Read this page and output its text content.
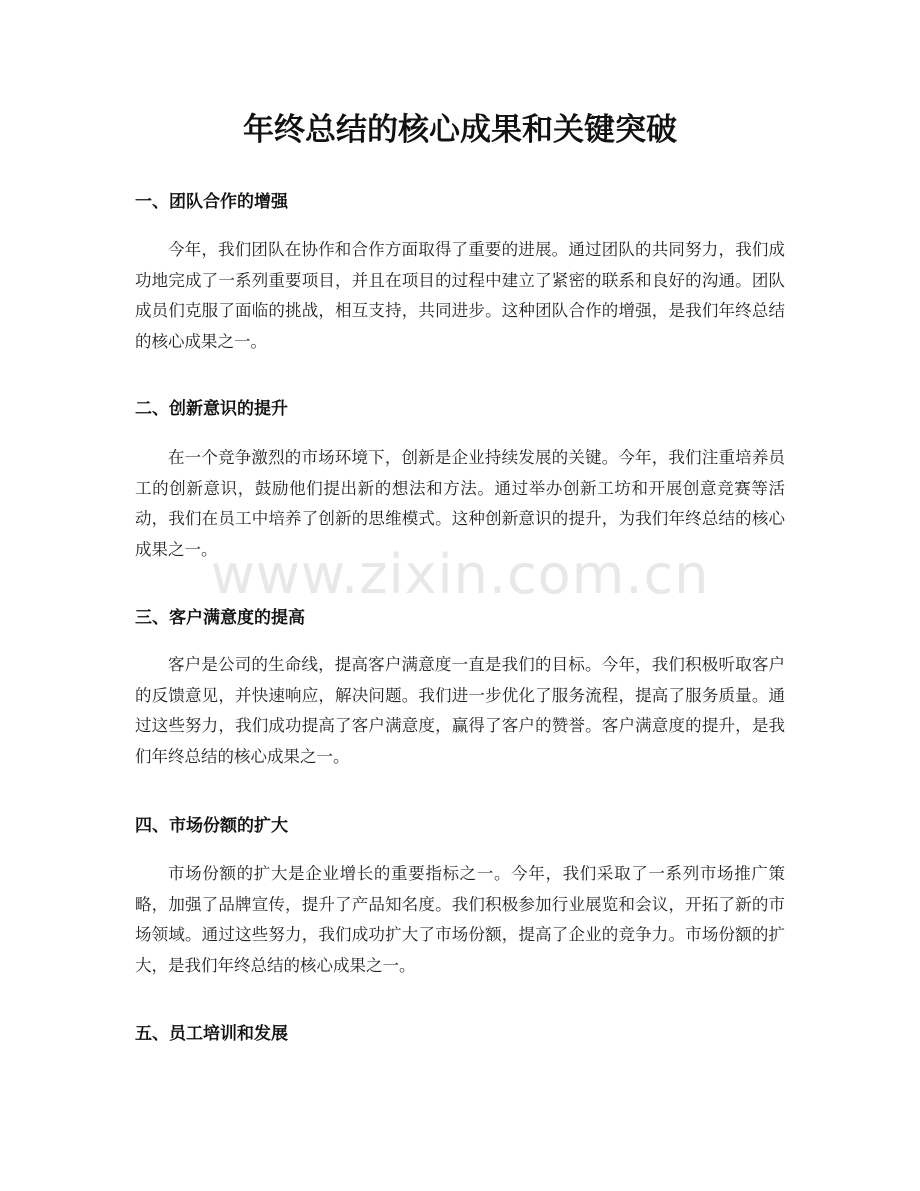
年终总结的核心成果和关键突破
一、团队合作的增强

今年，我们团队在协作和合作方面取得了重要的进展。通过团队的共同努力，我们成功地完成了一系列重要项目，并且在项目的过程中建立了紧密的联系和良好的沟通。团队成员们克服了面临的挑战，相互支持，共同进步。这种团队合作的增强，是我们年终总结的核心成果之一。

二、创新意识的提升

在一个竞争激烈的市场环境下，创新是企业持续发展的关键。今年，我们注重培养员工的创新意识，鼓励他们提出新的想法和方法。通过举办创新工坊和开展创意竞赛等活动，我们在员工中培养了创新的思维模式。这种创新意识的提升，为我们年终总结的核心成果之一。

三、客户满意度的提高

客户是公司的生命线，提高客户满意度一直是我们的目标。今年，我们积极听取客户的反馈意见，并快速响应，解决问题。我们进一步优化了服务流程，提高了服务质量。通过这些努力，我们成功提高了客户满意度，赢得了客户的赞誉。客户满意度的提升，是我们年终总结的核心成果之一。

四、市场份额的扩大

市场份额的扩大是企业增长的重要指标之一。今年，我们采取了一系列市场推广策略，加强了品牌宣传，提升了产品知名度。我们积极参加行业展览和会议，开拓了新的市场领域。通过这些努力，我们成功扩大了市场份额，提高了企业的竞争力。市场份额的扩大，是我们年终总结的核心成果之一。

五、员工培训和发展
www.zixin.com.cn
